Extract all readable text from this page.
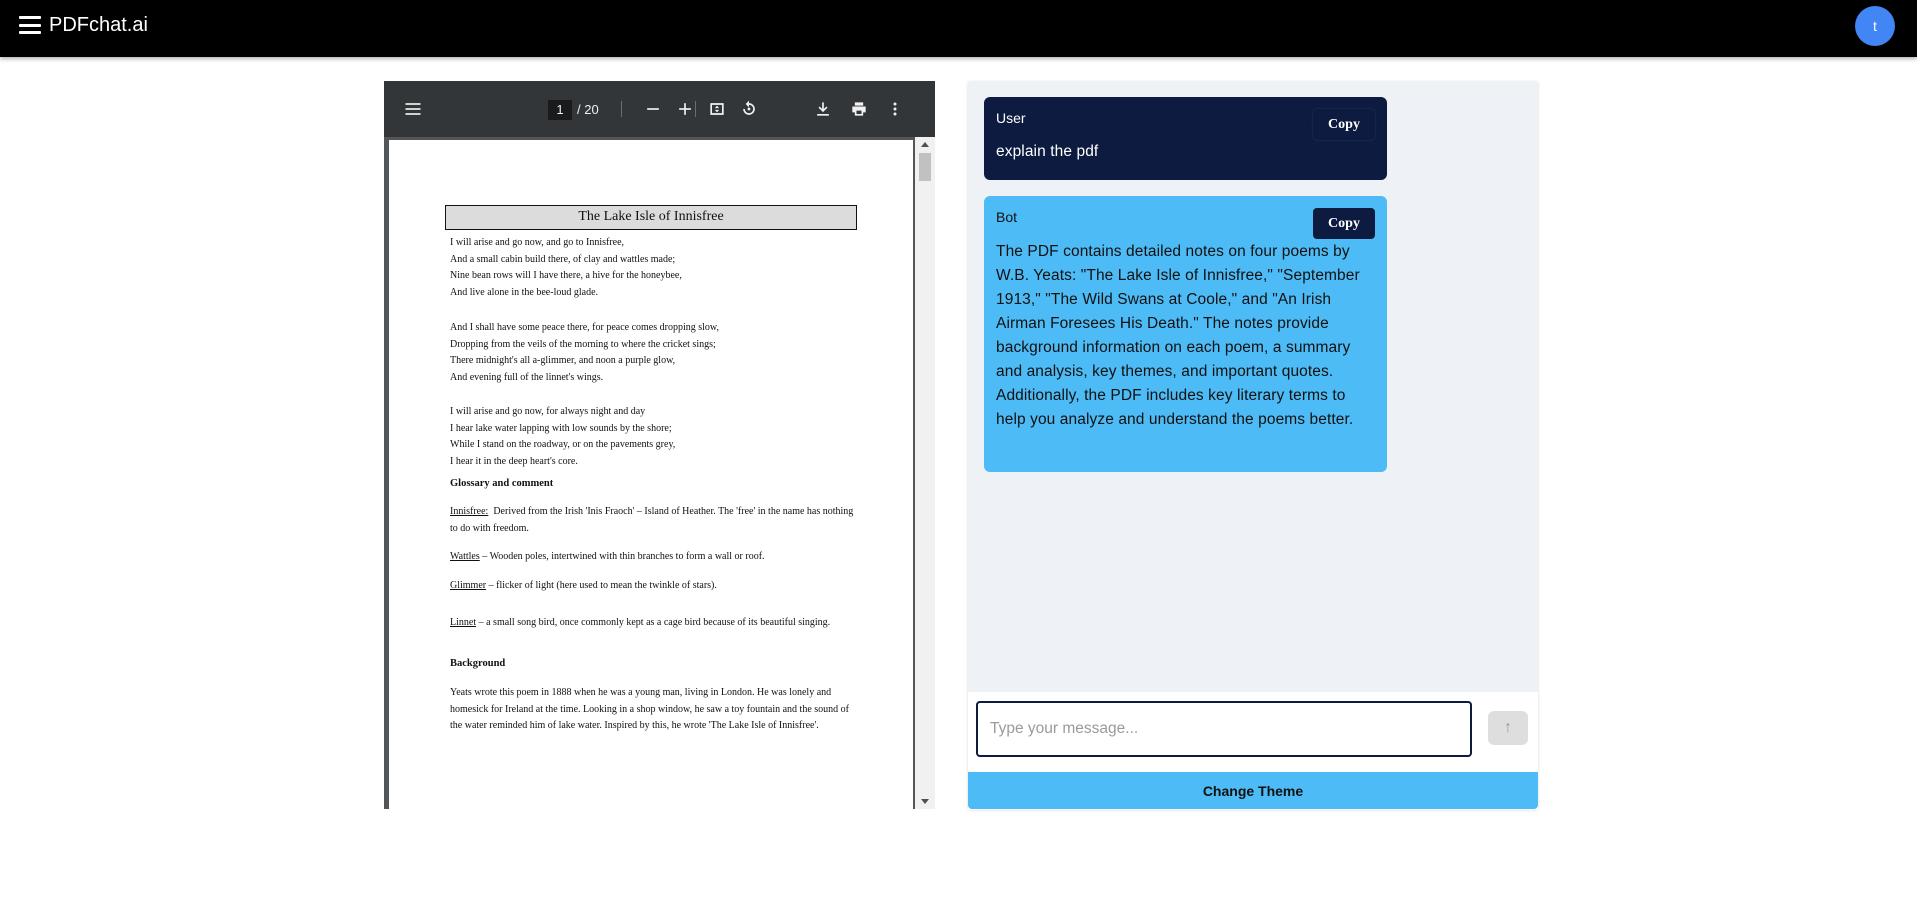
PDFchat.ai	t
1	/ 20
The Lake Isle of Innisfree

I will arise and go now, and go to Innisfree,

And a small cabin build there, of clay and wattles made;

Nine bean rows will I have there, a hive for the honeybee,

And live alone in the bee-loud glade.

And I shall have some peace there, for peace comes dropping slow,

Dropping from the veils of the morning to where the cricket sings;

There midnight's all a-glimmer, and noon a purple glow,

And evening full of the linnet's wings.

I will arise and go now, for always night and day

I hear lake water lapping with low sounds by the shore;

While I stand on the roadway, or on the pavements grey,

I hear it in the deep heart's core.

Glossary and comment
Innisfree: Derived from the Irish 'Inis Fraoch' – Island of Heather. The 'free' in the name has nothing to do with freedom.
Wattles – Wooden poles, intertwined with thin branches to form a wall or roof.
Glimmer – flicker of light (here used to mean the twinkle of stars).
Linnet – a small song bird, once commonly kept as a cage bird because of its beautiful singing.
Background
Yeats wrote this poem in 1888 when he was a young man, living in London. He was lonely and homesick for Ireland at the time. Looking in a shop window, he saw a toy fountain and the sound of the water reminded him of lake water. Inspired by this, he wrote 'The Lake Isle of Innisfree'.
User
explain the pdf
Copy
Bot
The PDF contains detailed notes on four poems by W.B. Yeats: "The Lake Isle of Innisfree," "September 1913," "The Wild Swans at Coole," and "An Irish Airman Foresees His Death." The notes provide background information on each poem, a summary and analysis, key themes, and important quotes. Additionally, the PDF includes key literary terms to help you analyze and understand the poems better.
Copy
Type your message...
↑
Change Theme
